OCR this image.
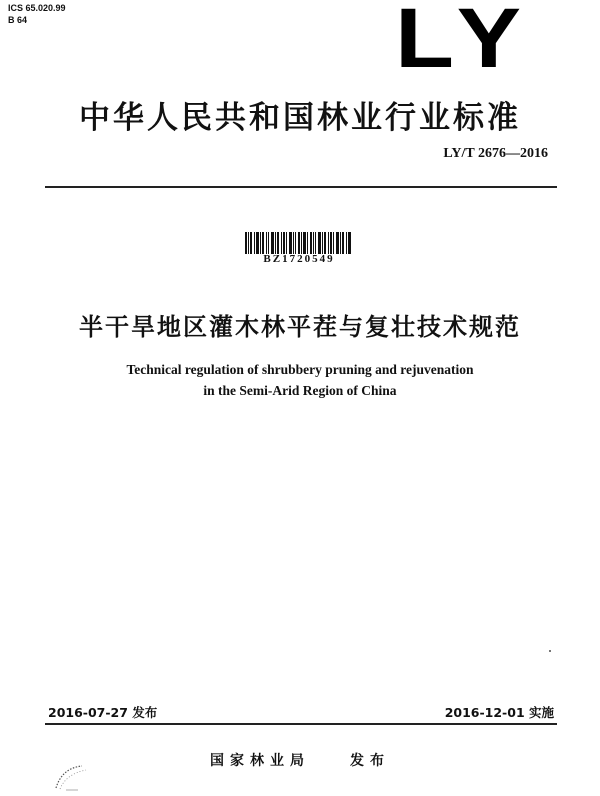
ICS 65.020.99
B 64	LY
中华人民共和国林业行业标准
LY/T 2676—2016
BZ1720549
半干旱地区灌木林平茬与复壮技术规范
Technical regulation of shrubbery pruning and rejuvenation
in the Semi-Arid Region of China
2016-07-27 发布	2016-12-01 实施
国家林业局　　发布
